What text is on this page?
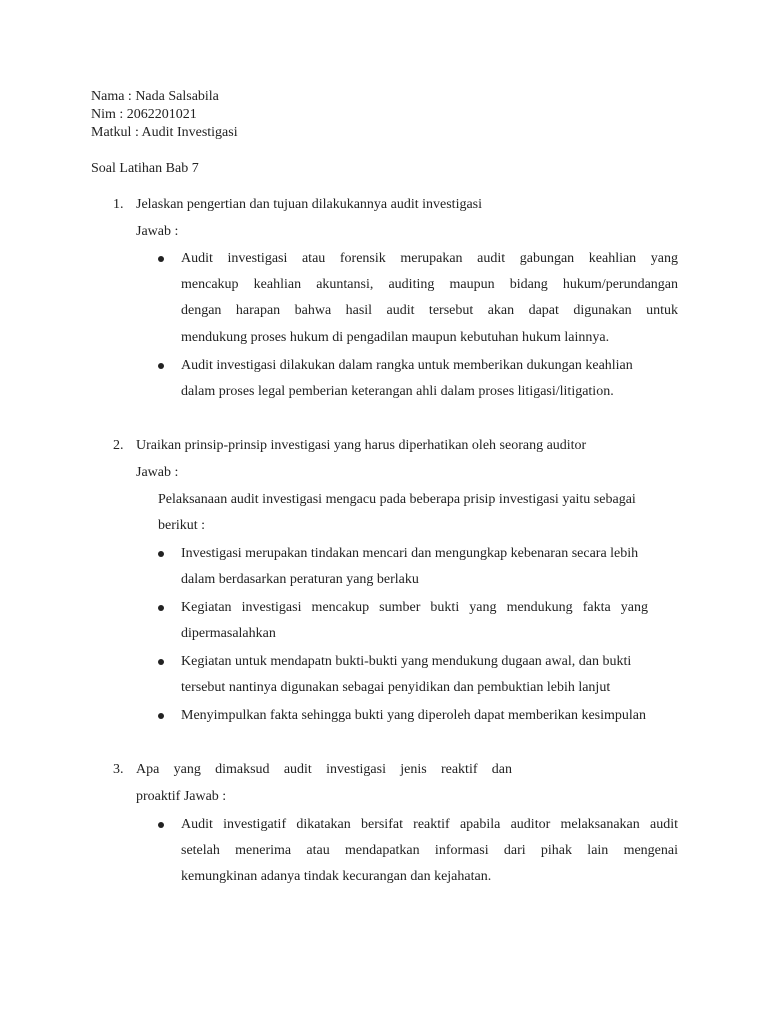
Nama : Nada Salsabila
Nim : 2062201021
Matkul : Audit Investigasi
Soal Latihan Bab 7
1. Jelaskan pengertian dan tujuan dilakukannya audit investigasi
Jawab :
Audit investigasi atau forensik merupakan audit gabungan keahlian yang
mencakup keahlian akuntansi, auditing maupun bidang hukum/perundangan
dengan harapan bahwa hasil audit tersebut akan dapat digunakan untuk
mendukung proses hukum di pengadilan maupun kebutuhan hukum lainnya.
Audit investigasi dilakukan dalam rangka untuk memberikan dukungan keahlian
dalam proses legal pemberian keterangan ahli dalam proses litigasi/litigation.
2. Uraikan prinsip-prinsip investigasi yang harus diperhatikan oleh seorang auditor
Jawab :
Pelaksanaan audit investigasi mengacu pada beberapa prisip investigasi yaitu sebagai
berikut :
Investigasi merupakan tindakan mencari dan mengungkap kebenaran secara lebih
dalam berdasarkan peraturan yang berlaku
Kegiatan investigasi mencakup sumber bukti yang mendukung fakta yang
dipermasalahkan
Kegiatan untuk mendapatn bukti-bukti yang mendukung dugaan awal, dan bukti
tersebut nantinya digunakan sebagai penyidikan dan pembuktian lebih lanjut
Menyimpulkan fakta sehingga bukti yang diperoleh dapat memberikan kesimpulan
3. Apa yang dimaksud audit investigasi jenis reaktif dan
proaktif Jawab :
Audit investigatif dikatakan bersifat reaktif apabila auditor melaksanakan audit
setelah menerima atau mendapatkan informasi dari pihak lain mengenai
kemungkinan adanya tindak kecurangan dan kejahatan.
